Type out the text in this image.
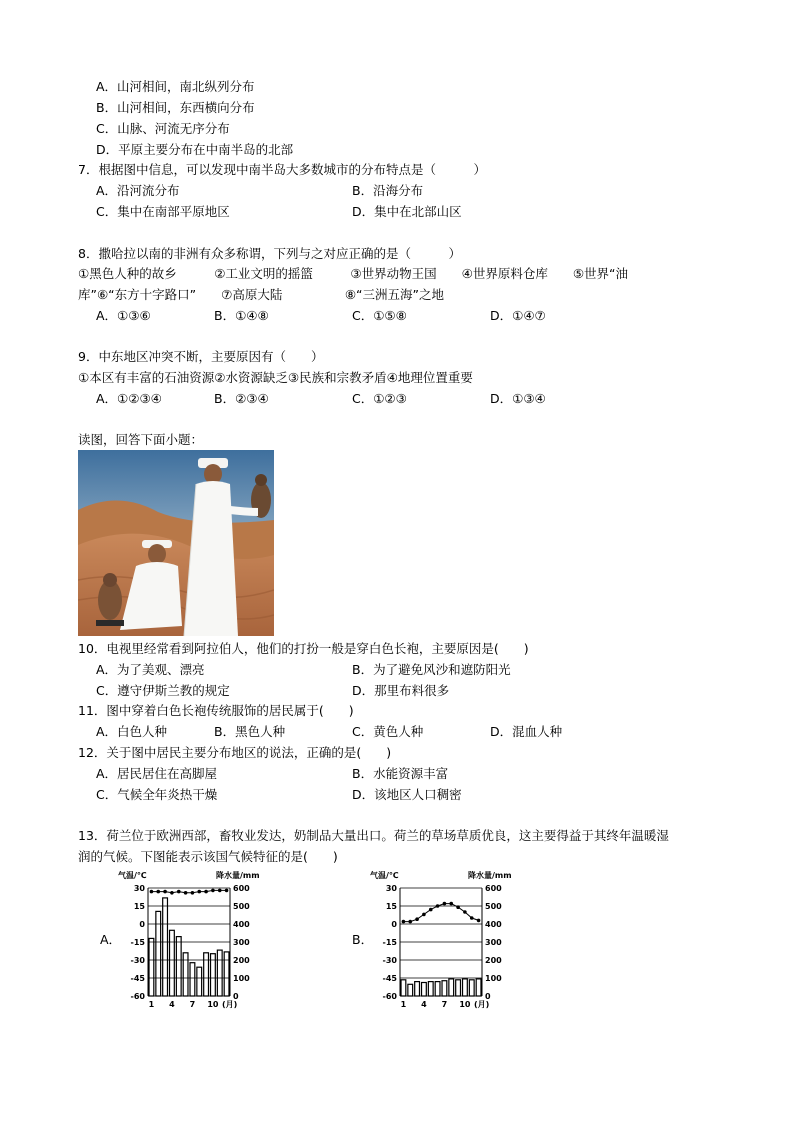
A．山河相间，南北纵列分布
B．山河相间，东西横向分布
C．山脉、河流无序分布
D．平原主要分布在中南半岛的北部
7．根据图中信息，可以发现中南半岛大多数城市的分布特点是（　　　）
A．沿河流分布	B．沿海分布
C．集中在南部平原地区	D．集中在北部山区
8．撒哈拉以南的非洲有众多称谓，下列与之对应正确的是（　　　）
①黑色人种的故乡　　　②工业文明的摇篮　　　③世界动物王国　　④世界原料仓库　　⑤世界“油
库”⑥“东方十字路口”　　⑦高原大陆　　　　　⑧“三洲五海”之地
A．①③⑥	B．①④⑧	C．①⑤⑧	D．①④⑦
9．中东地区冲突不断，主要原因有（　　）
①本区有丰富的石油资源②水资源缺乏③民族和宗教矛盾④地理位置重要
A．①②③④	B．②③④	C．①②③	D．①③④
读图，回答下面小题：
10．电视里经常看到阿拉伯人，他们的打扮一般是穿白色长袍，主要原因是(　　)
A．为了美观、漂亮	B．为了避免风沙和遮防阳光
C．遵守伊斯兰教的规定	D．那里布料很多
11．图中穿着白色长袍传统服饰的居民属于(　　)
A．白色人种	B．黑色人种	C．黄色人种	D．混血人种
12．关于图中居民主要分布地区的说法，正确的是(　　)
A．居民居住在高脚屋	B．水能资源丰富
C．气候全年炎热干燥	D．该地区人口稠密
13．荷兰位于欧洲西部，畜牧业发达，奶制品大量出口。荷兰的草场草质优良，这主要得益于其终年温暖湿
润的气候。下图能表示该国气候特征的是(　　)
A．	B．
气温/℃	降水量/mm
30	600
15	500
0	400
-15	300
-30	200
-45	100
-60	0
1 4 7 10 (月)
气温/℃	降水量/mm
30	600
15	500
0	400
-15	300
-30	200
-45	100
-60	0
1 4 7 10 (月)
